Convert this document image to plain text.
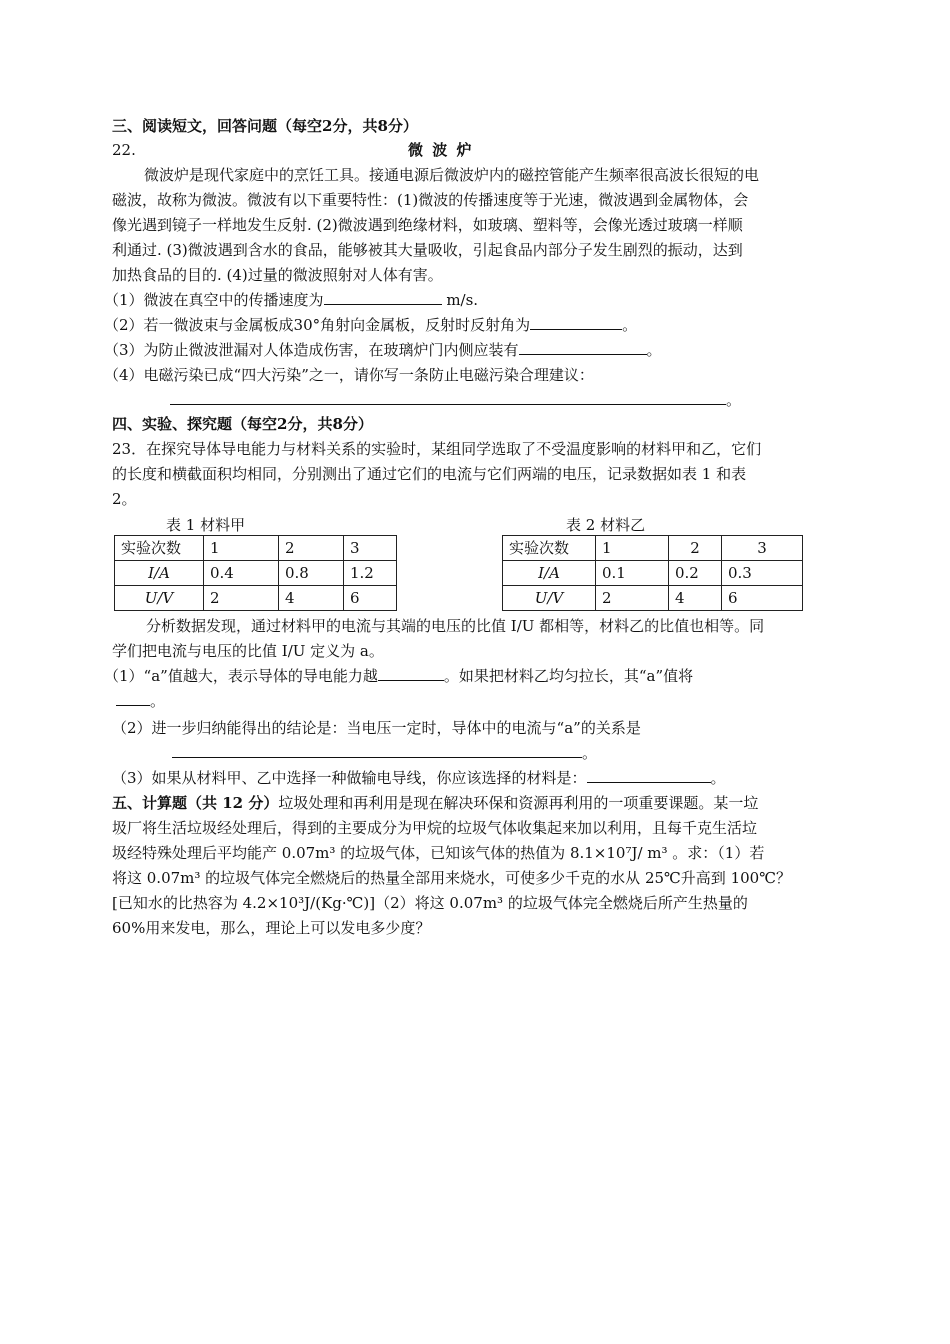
三、阅读短文，回答问题（每空2分，共8分）
22.	微 波 炉
微波炉是现代家庭中的烹饪工具。接通电源后微波炉内的磁控管能产生频率很高波长很短的电
磁波，故称为微波。微波有以下重要特性：(1)微波的传播速度等于光速，微波遇到金属物体，会
像光遇到镜子一样地发生反射. (2)微波遇到绝缘材料，如玻璃、塑料等，会像光透过玻璃一样顺
利通过. (3)微波遇到含水的食品，能够被其大量吸收，引起食品内部分子发生剧烈的振动，达到
加热食品的目的. (4)过量的微波照射对人体有害。
（1）微波在真空中的传播速度为	m/s.
（2）若一微波束与金属板成30°角射向金属板，反射时反射角为	。
（3）为防止微波泄漏对人体造成伤害，在玻璃炉门内侧应装有	。
（4）电磁污染已成“四大污染”之一，请你写一条防止电磁污染合理建议：
。
四、实验、探究题（每空2分，共8分）
23．在探究导体导电能力与材料关系的实验时，某组同学选取了不受温度影响的材料甲和乙，它们
的长度和横截面积均相同，分别测出了通过它们的电流与它们两端的电压，记录数据如表 1 和表
2。
表 1 材料甲	表 2 材料乙
实验次数	1	2	3
I/A	0.4	0.8	1.2
U/V	2	4	6
实验次数	1	2	3
I/A	0.1	0.2	0.3
U/V	2	4	6
分析数据发现，通过材料甲的电流与其端的电压的比值 I/U 都相等，材料乙的比值也相等。同
学们把电流与电压的比值 I/U 定义为 a。
（1）“a”值越大，表示导体的导电能力越	。如果把材料乙均匀拉长，其“a”值将
。
（2）进一步归纳能得出的结论是：当电压一定时，导体中的电流与“a”的关系是
。
（3）如果从材料甲、乙中选择一种做输电导线，你应该选择的材料是：	。
五、计算题（共 12 分）垃圾处理和再利用是现在解决环保和资源再利用的一项重要课题。某一垃
圾厂将生活垃圾经处理后，得到的主要成分为甲烷的垃圾气体收集起来加以利用，且每千克生活垃
圾经特殊处理后平均能产 0.07m³ 的垃圾气体，已知该气体的热值为 8.1×10⁷J/ m³ 。求：（1）若
将这 0.07m³ 的垃圾气体完全燃烧后的热量全部用来烧水，可使多少千克的水从 25℃升高到 100℃？
[已知水的比热容为 4.2×10³J/(Kg·℃)]（2）将这 0.07m³ 的垃圾气体完全燃烧后所产生热量的
60%用来发电，那么，理论上可以发电多少度？
